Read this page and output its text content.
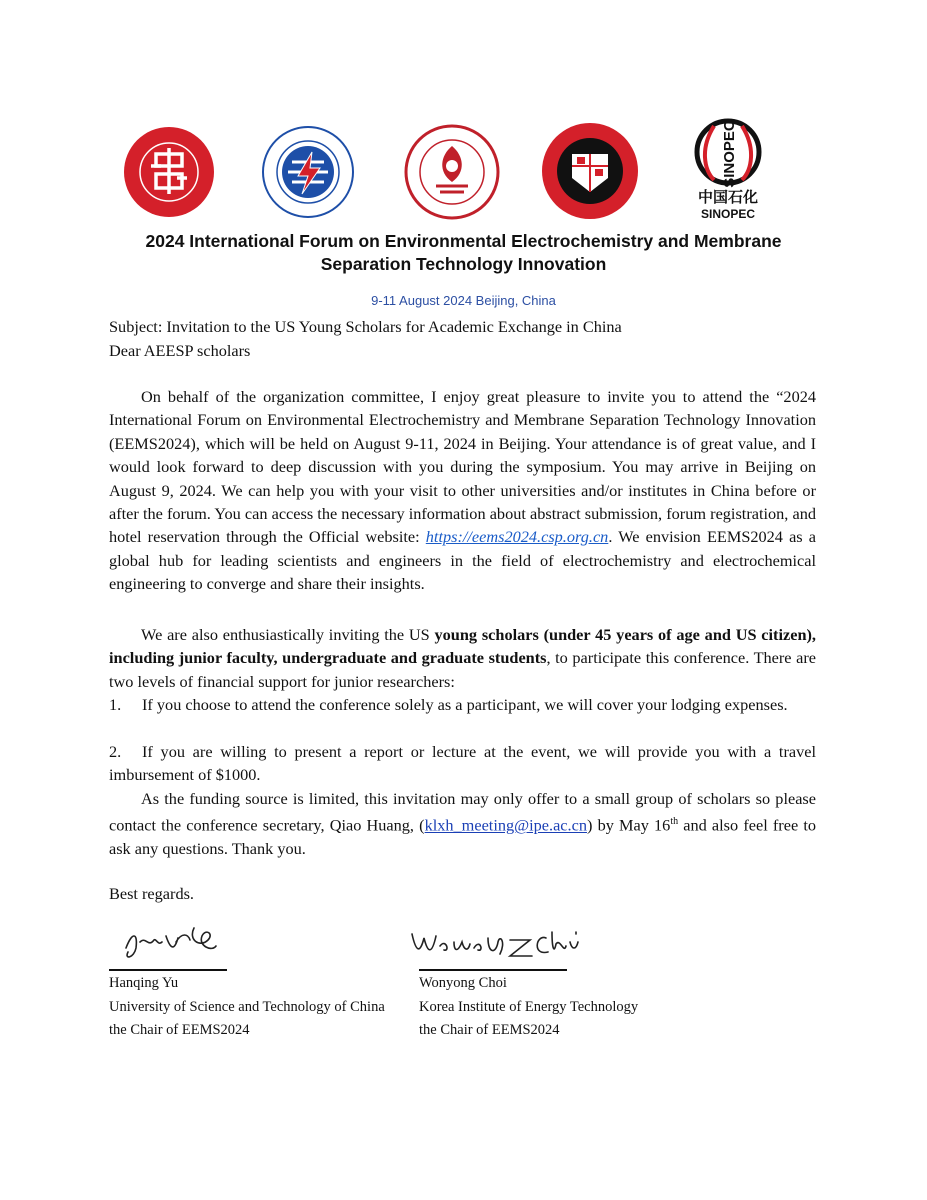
SINOPEC
中国石化
SINOPEC
2024 International Forum on Environmental Electrochemistry and Membrane
Separation Technology Innovation
9-11 August 2024 Beijing, China
Subject: Invitation to the US Young Scholars for Academic Exchange in China
Dear AEESP scholars

On behalf of the organization committee, I enjoy great pleasure to invite you to attend the “2024 International Forum on Environmental Electrochemistry and Membrane Separation Technology Innovation (EEMS2024), which will be held on August 9-11, 2024 in Beijing. Your attendance is of great value, and I would look forward to deep discussion with you during the symposium. You may arrive in Beijing on August 9, 2024. We can help you with your visit to other universities and/or institutes in China before or after the forum. You can access the necessary information about abstract submission, forum registration, and hotel reservation through the Official website: https://eems2024.csp.org.cn. We envision EEMS2024 as a global hub for leading scientists and engineers in the field of electrochemistry and electrochemical engineering to converge and share their insights.

We are also enthusiastically inviting the US young scholars (under 45 years of age and US citizen), including junior faculty, undergraduate and graduate students, to participate this conference. There are two levels of financial support for junior researchers:

1. If you choose to attend the conference solely as a participant, we will cover your lodging expenses.

2. If you are willing to present a report or lecture at the event, we will provide you with a travel imbursement of $1000.

As the funding source is limited, this invitation may only offer to a small group of scholars so please contact the conference secretary, Qiao Huang, (klxh_meeting@ipe.ac.cn) by May 16th and also feel free to ask any questions. Thank you.

Best regards.
Hanqing Yu
University of Science and Technology of China
the Chair of EEMS2024
Wonyong Choi
Korea Institute of Energy Technology
the Chair of EEMS2024
